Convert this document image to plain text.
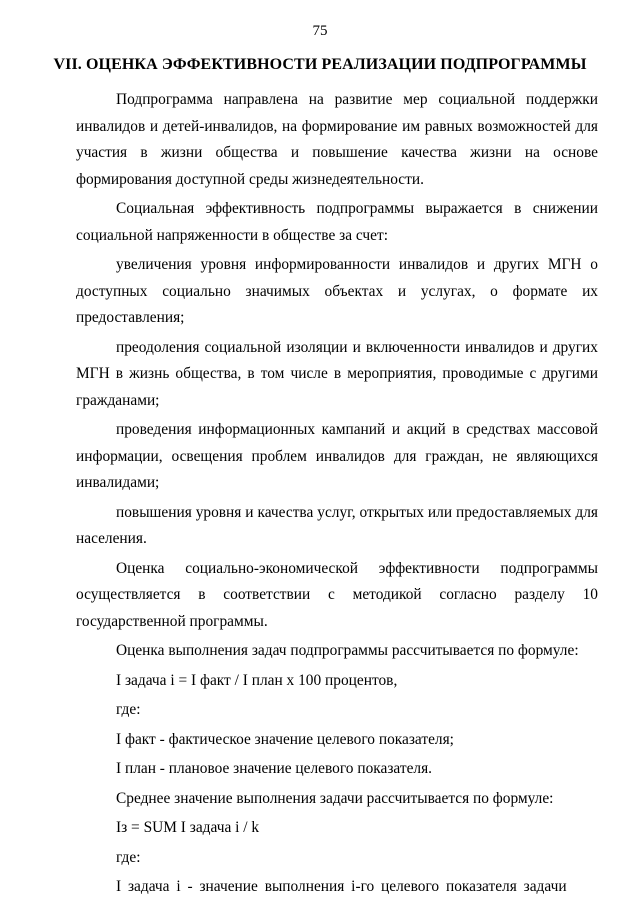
75
VII. ОЦЕНКА ЭФФЕКТИВНОСТИ РЕАЛИЗАЦИИ ПОДПРОГРАММЫ

Подпрограмма направлена на развитие мер социальной поддержки инвалидов и детей-инвалидов, на формирование им равных возможностей для участия в жизни общества и повышение качества жизни на основе формирования доступной среды жизнедеятельности.

Социальная эффективность подпрограммы выражается в снижении социальной напряженности в обществе за счет:

увеличения уровня информированности инвалидов и других МГН о доступных социально значимых объектах и услугах, о формате их предоставления;

преодоления социальной изоляции и включенности инвалидов и других МГН в жизнь общества, в том числе в мероприятия, проводимые с другими гражданами;

проведения информационных кампаний и акций в средствах массовой информации, освещения проблем инвалидов для граждан, не являющихся инвалидами;

повышения уровня и качества услуг, открытых или предоставляемых для населения.

Оценка социально-экономической эффективности подпрограммы осуществляется в соответствии с методикой согласно разделу 10 государственной программы.

Оценка выполнения задач подпрограммы рассчитывается по формуле:

I задача i = I факт / I план x 100 процентов,

где:

I факт - фактическое значение целевого показателя;

I план - плановое значение целевого показателя.

Среднее значение выполнения задачи рассчитывается по формуле:

Iз = SUM I задача i / k

где:

I задача i - значение выполнения i-го целевого показателя задачи
